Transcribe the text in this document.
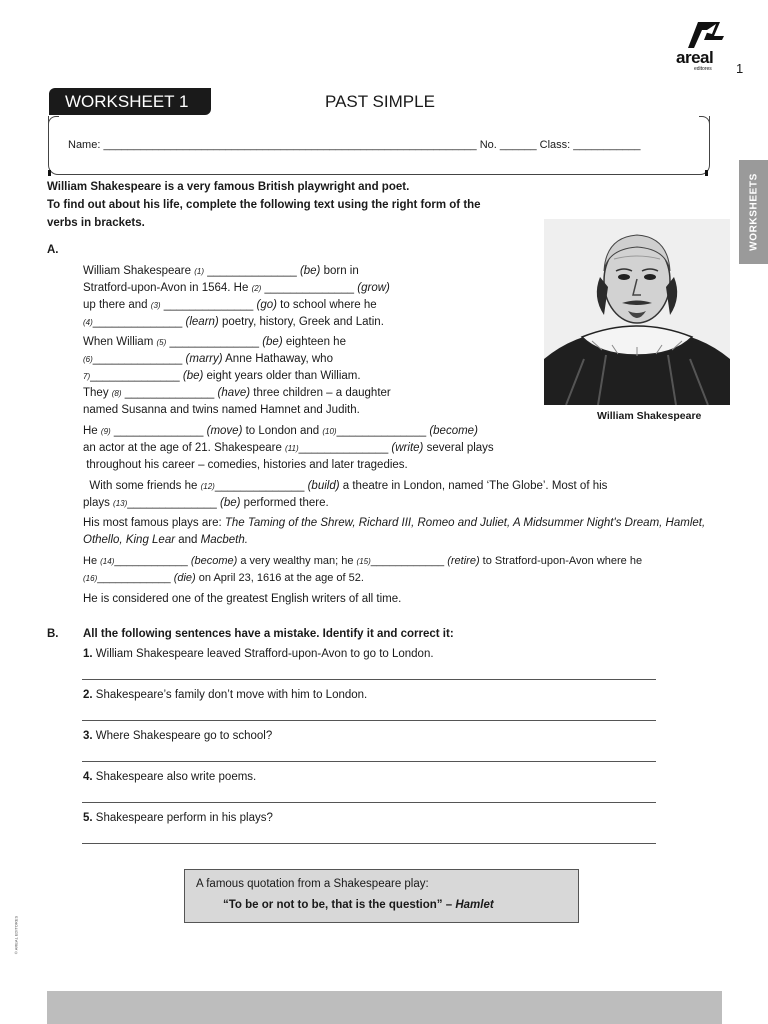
areal
editores 1
WORKSHEET 1	PAST SIMPLE
Name: _____________________________________________________________ No. ______ Class: ___________
WORKSHEETS
William Shakespeare is a very famous British playwright and poet.
To find out about his life, complete the following text using the right form of the
verbs in brackets.
A.
William Shakespeare (1) ______________ (be) born in
Stratford-upon-Avon in 1564. He (2) ______________ (grow)
up there and (3) ______________ (go) to school where he
(4)______________ (learn) poetry, history, Greek and Latin.
When William (5) ______________ (be) eighteen he
(6)______________ (marry) Anne Hathaway, who
7)______________ (be) eight years older than William.
They (8) ______________ (have) three children – a daughter
named Susanna and twins named Hamnet and Judith.
He (9) ______________ (move) to London and (10)______________ (become)
an actor at the age of 21. Shakespeare (11)______________ (write) several plays
throughout his career – comedies, histories and later tragedies.
With some friends he (12)______________ (build) a theatre in London, named ‘The Globe’. Most of his
plays (13)______________ (be) performed there.
His most famous plays are: The Taming of the Shrew, Richard III, Romeo and Juliet, A Midsummer Night's Dream, Hamlet, Othello, King Lear and Macbeth.
He (14)____________ (become) a very wealthy man; he (15)____________ (retire) to Stratford-upon-Avon where he
(16)____________ (die) on April 23, 1616 at the age of 52.
He is considered one of the greatest English writers of all time.
William Shakespeare
B. All the following sentences have a mistake. Identify it and correct it:
1. William Shakespeare leaved Strafford-upon-Avon to go to London.
2. Shakespeare’s family don’t move with him to London.
3. Where Shakespeare go to school?
4. Shakespeare also write poems.
5. Shakespeare perform in his plays?
A famous quotation from a Shakespeare play:
“To be or not to be, that is the question” – Hamlet
© AREAL EDITORES
